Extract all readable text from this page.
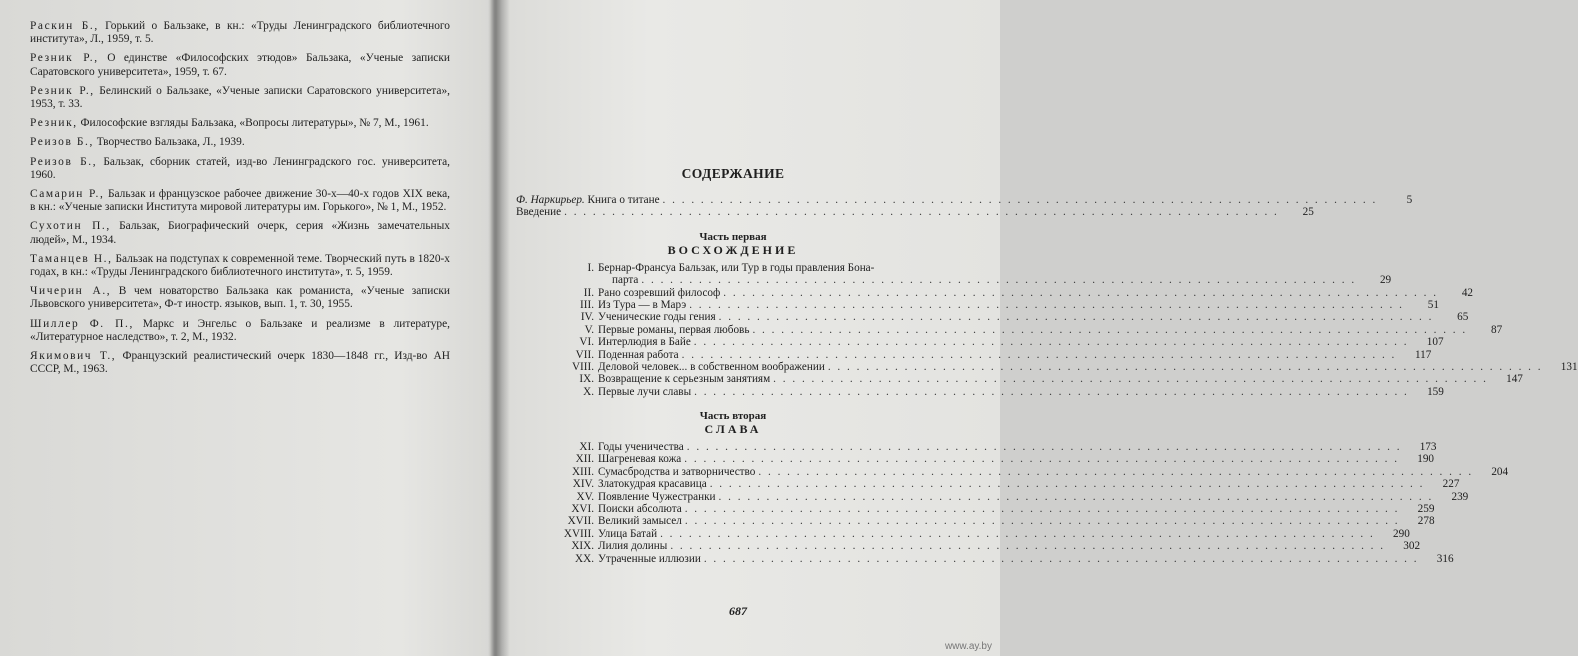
Раскин Б., Горький о Бальзаке, в кн.: «Труды Ленинградского библиотечного института», Л., 1959, т. 5.
Резник Р., О единстве «Философских этюдов» Бальзака, «Ученые записки Саратовского университета», 1959, т. 67.
Резник Р., Белинский о Бальзаке, «Ученые записки Саратовского университета», 1953, т. 33.
Резник, Философские взгляды Бальзака, «Вопросы литературы», № 7, М., 1961.
Реизов Б., Творчество Бальзака, Л., 1939.
Реизов Б., Бальзак, сборник статей, изд-во Ленинградского гос. университета, 1960.
Самарин Р., Бальзак и французское рабочее движение 30-х—40-х годов XIX века, в кн.: «Ученые записки Института мировой литературы им. Горького», № 1, М., 1952.
Сухотин П., Бальзак, Биографический очерк, серия «Жизнь замечательных людей», М., 1934.
Таманцев Н., Бальзак на подступах к современной теме. Творческий путь в 1820-х годах, в кн.: «Труды Ленинградского библиотечного института», т. 5, 1959.
Чичерин А., В чем новаторство Бальзака как романиста, «Ученые записки Львовского университета», Ф-т иностр. языков, вып. 1, т. 30, 1955.
Шиллер Ф. П., Маркс и Энгельс о Бальзаке и реализме в литературе, «Литературное наследство», т. 2, М., 1932.
Якимович Т., Французский реалистический очерк 1830—1848 гг., Изд-во АН СССР, М., 1963.
СОДЕРЖАНИЕ
Ф. Наркирьер. Книга о титане . . .	5
Введение . . .	25
Часть первая
ВОСХОЖДЕНИЕ
I. Бернар-Франсуа Бальзак, или Тур в годы правления Бона-
парта . . .	29
II. Рано созревший философ . . .	42
III. Из Тура — в Марэ . . .	51
IV. Ученические годы гения . . .	65
V. Первые романы, первая любовь . . .	87
VI. Интерлюдия в Байе . . .	107
VII. Поденная работа . . .	117
VIII. Деловой человек... в собственном воображении . . .	131
IX. Возвращение к серьезным занятиям . . .	147
X. Первые лучи славы . . .	159
Часть вторая
СЛАВА
XI. Годы ученичества . . .	173
XII. Шагреневая кожа . . .	190
XIII. Сумасбродства и затворничество . . .	204
XIV. Златокудрая красавица . . .	227
XV. Появление Чужестранки . . .	239
XVI. Поиски абсолюта . . .	259
XVII. Великий замысел . . .	278
XVIII. Улица Батай . . .	290
XIX. Лилия долины . . .	302
XX. Утраченные иллюзии . . .	316
687
www.ay.by
